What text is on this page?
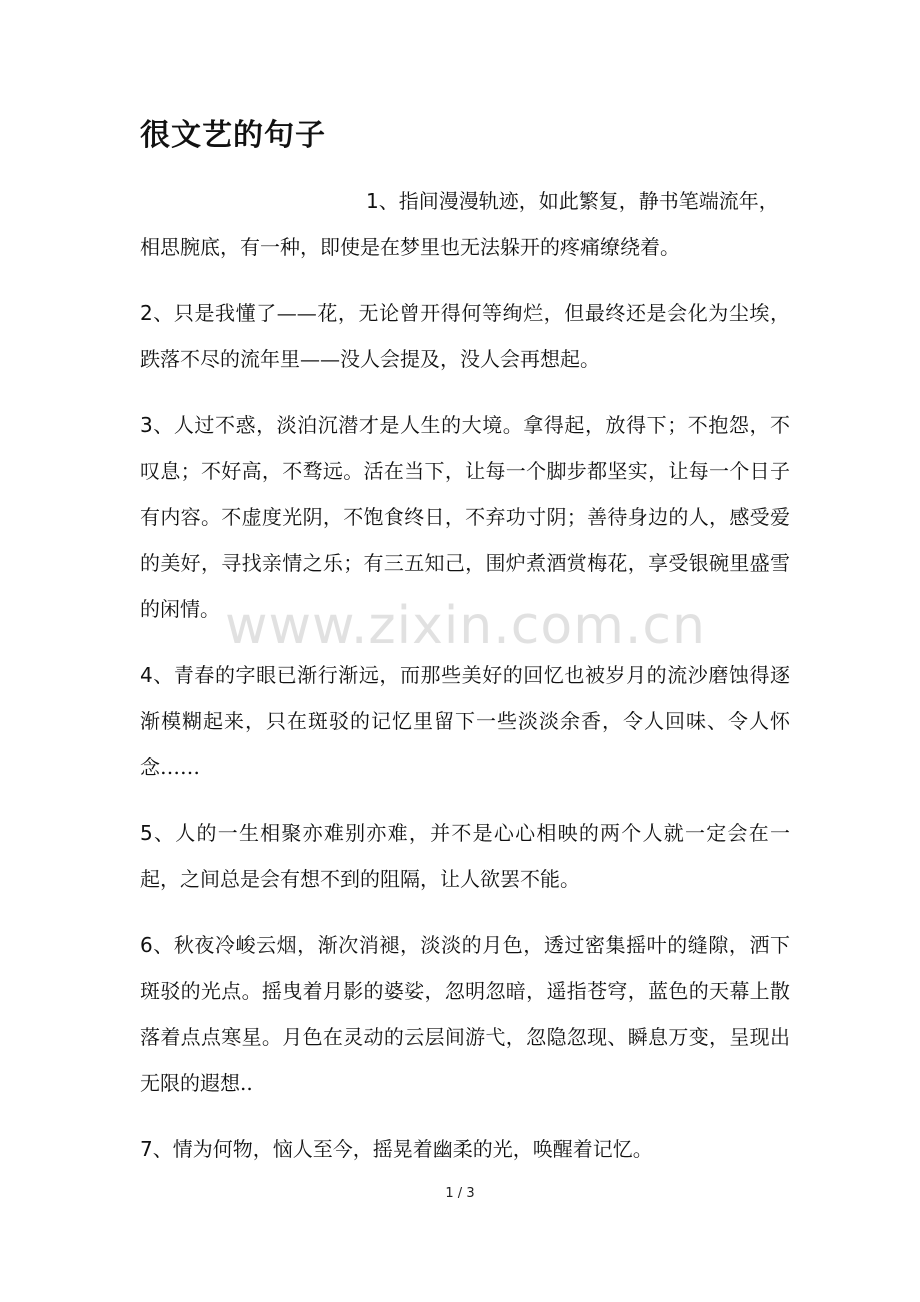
很文艺的句子
1、指间漫漫轨迹，如此繁复，静书笔端流年，
相思腕底，有一种，即使是在梦里也无法躲开的疼痛缭绕着。
2、只是我懂了——花，无论曾开得何等绚烂，但最终还是会化为尘埃，跌落不尽的流年里——没人会提及，没人会再想起。
3、人过不惑，淡泊沉潜才是人生的大境。拿得起，放得下；不抱怨，不叹息；不好高，不骛远。活在当下，让每一个脚步都坚实，让每一个日子有内容。不虚度光阴，不饱食终日，不弃功寸阴；善待身边的人，感受爱的美好，寻找亲情之乐；有三五知己，围炉煮酒赏梅花，享受银碗里盛雪的闲情。
4、青春的字眼已渐行渐远，而那些美好的回忆也被岁月的流沙磨蚀得逐渐模糊起来，只在斑驳的记忆里留下一些淡淡余香，令人回味、令人怀念……
5、人的一生相聚亦难别亦难，并不是心心相映的两个人就一定会在一起，之间总是会有想不到的阻隔，让人欲罢不能。
6、秋夜冷峻云烟，渐次消褪，淡淡的月色，透过密集摇叶的缝隙，洒下斑驳的光点。摇曳着月影的婆娑，忽明忽暗，遥指苍穹，蓝色的天幕上散落着点点寒星。月色在灵动的云层间游弋，忽隐忽现、瞬息万变，呈现出无限的遐想..
7、情为何物，恼人至今，摇晃着幽柔的光，唤醒着记忆。
www.zixin.com.cn
1 / 3
